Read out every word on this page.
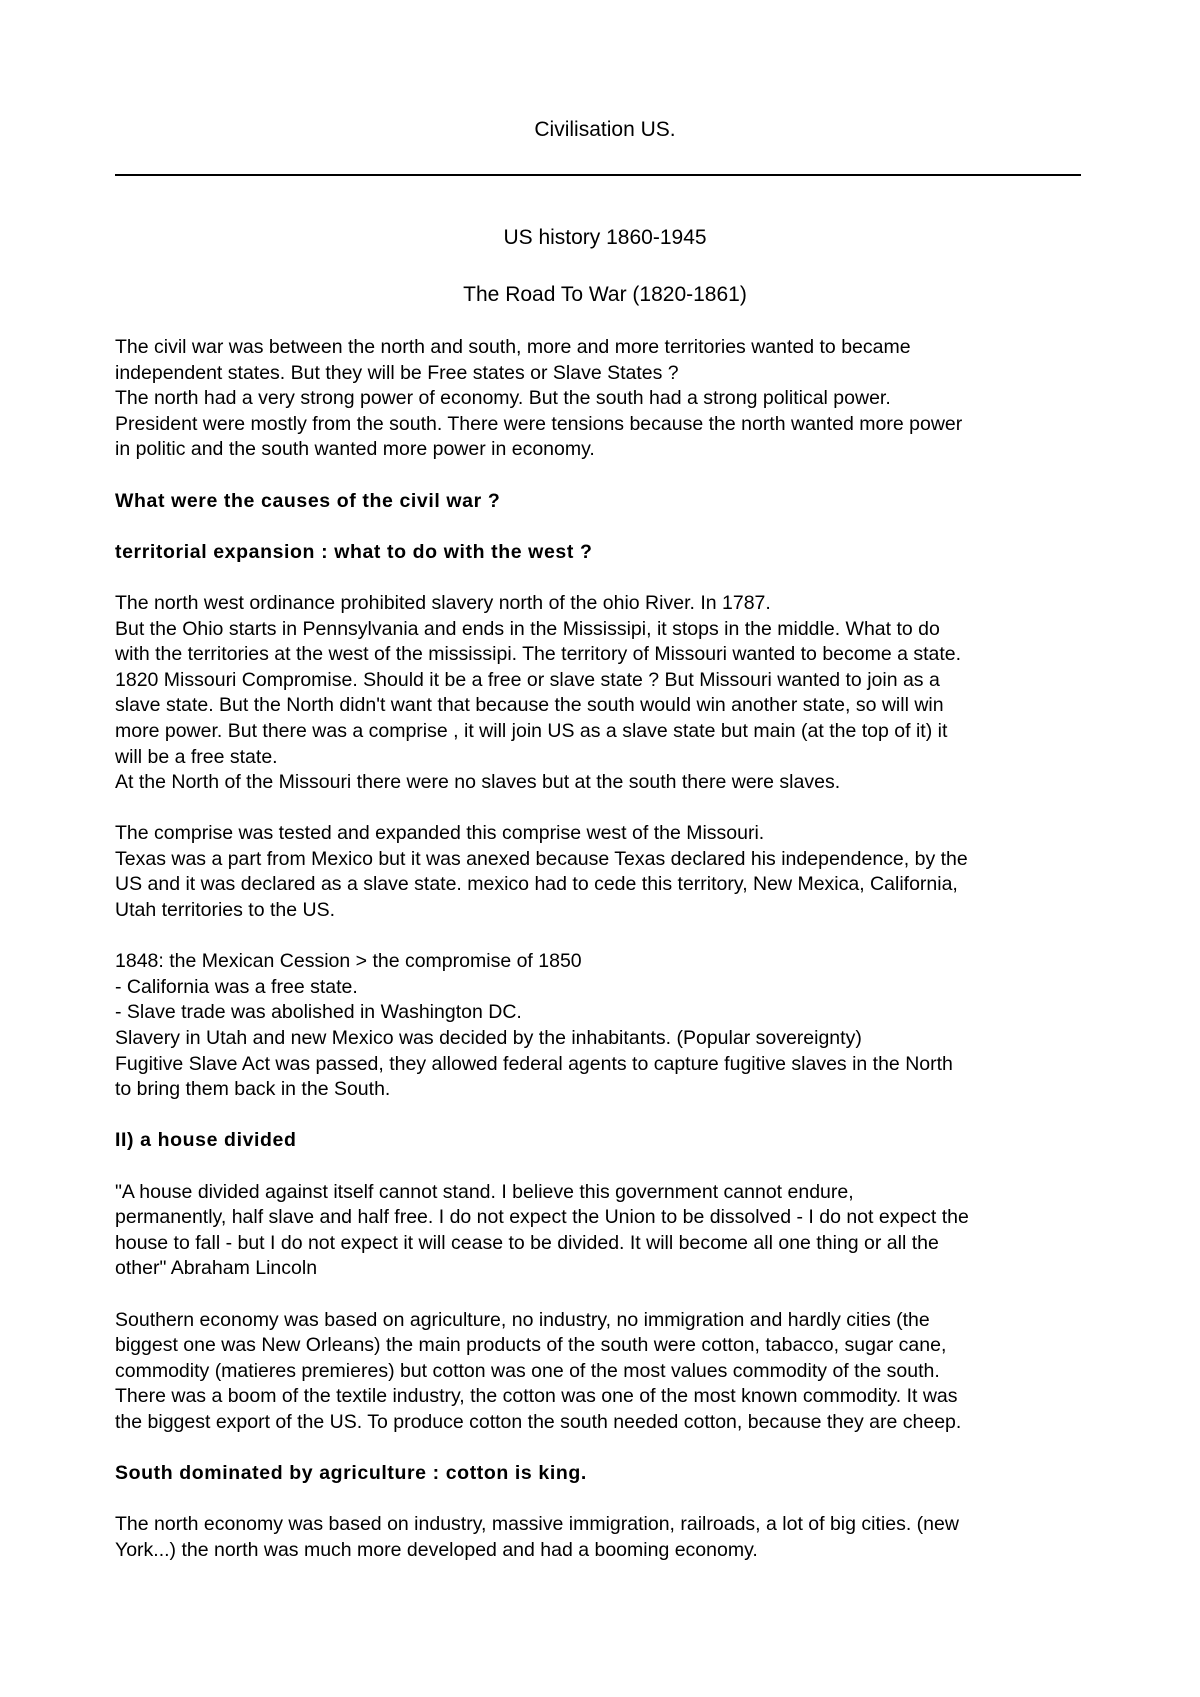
Civilisation US.
US history 1860-1945
The Road To War (1820-1861)

The civil war was between the north and south, more and more territories wanted to became
independent states. But they will be Free states or Slave States ?
The north had a very strong power of economy. But the south had a strong political power.
President were mostly from the south. There were tensions because the north wanted more power
in politic and the south wanted more power in economy.

What were the causes of the civil war ?

territorial expansion : what to do with the west ?

The north west ordinance prohibited slavery north of the ohio River. In 1787.
But the Ohio starts in Pennsylvania and ends in the Mississipi, it stops in the middle. What to do
with the territories at the west of the mississipi. The territory of Missouri wanted to become a state.
1820 Missouri Compromise. Should it be a free or slave state ? But Missouri wanted to join as a
slave state. But the North didn't want that because the south would win another state, so will win
more power. But there was a comprise , it will join US as a slave state but main (at the top of it) it
will be a free state.
At the North of the Missouri there were no slaves but at the south there were slaves.

The comprise was tested and expanded this comprise west of the Missouri.
Texas was a part from Mexico but it was anexed because Texas declared his independence, by the
US and it was declared as a slave state. mexico had to cede this territory, New Mexica, California,
Utah territories to the US.

1848: the Mexican Cession > the compromise of 1850
- California was a free state.
- Slave trade was abolished in Washington DC.
Slavery in Utah and new Mexico was decided by the inhabitants. (Popular sovereignty)
Fugitive Slave Act was passed, they allowed federal agents to capture fugitive slaves in the North
to bring them back in the South.

II) a house divided

"A house divided against itself cannot stand. I believe this government cannot endure,
permanently, half slave and half free. I do not expect the Union to be dissolved - I do not expect the
house to fall - but I do not expect it will cease to be divided. It will become all one thing or all the
other" Abraham Lincoln

Southern economy was based on agriculture, no industry, no immigration and hardly cities (the
biggest one was New Orleans) the main products of the south were cotton, tabacco, sugar cane,
commodity (matieres premieres) but cotton was one of the most values commodity of the south.
There was a boom of the textile industry, the cotton was one of the most known commodity. It was
the biggest export of the US. To produce cotton the south needed cotton, because they are cheep.

South dominated by agriculture : cotton is king.

The north economy was based on industry, massive immigration, railroads, a lot of big cities. (new
York...) the north was much more developed and had a booming economy.
